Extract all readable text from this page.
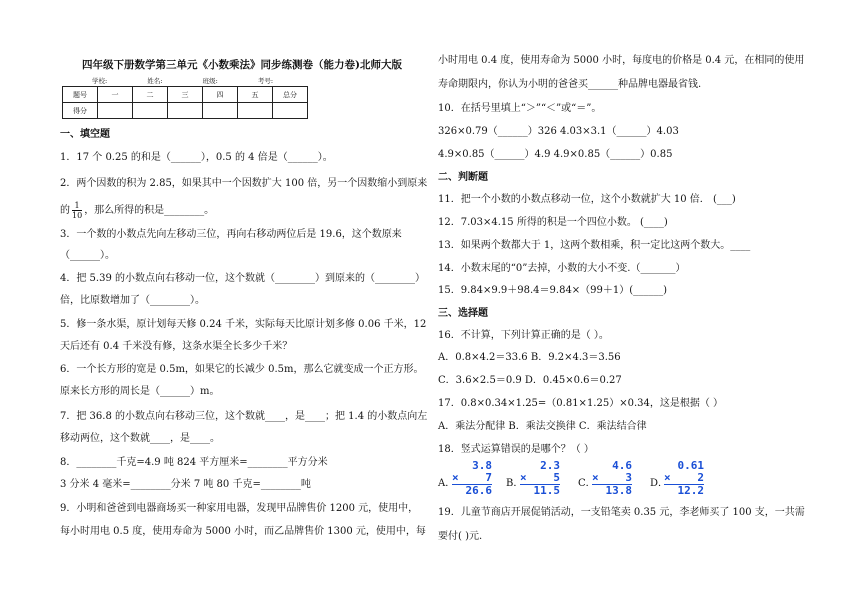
四年级下册数学第三单元《小数乘法》同步练测卷（能力卷)北师大版
一、填空题
1．17 个 0.25 的和是（______），0.5 的 4 倍是（______）。
2．两个因数的积为 2.85，如果其中一个因数扩大 100 倍，另一个因数缩小到原来
的 $\frac{1}{10}$ ，那么所得的积是________。
3．一个数的小数点先向左移动三位，再向右移动两位后是 19.6，这个数原来
（______）。
4．把 5.39 的小数点向右移动一位，这个数就（________）到原来的（________）
倍，比原数增加了（________）。
5．修一条水渠，原计划每天修 0.24 千米，实际每天比原计划多修 0.06 千米，12
天后还有 0.4 千米没有修，这条水渠全长多少千米？
6．一个长方形的宽是 0.5m，如果它的长减少 0.5m，那么它就变成一个正方形。
原来长方形的周长是（______）m。
7．把 36.8 的小数点向右移动三位，这个数就____，是____；把 1.4 的小数点向左
移动两位，这个数就____，是____。
8．________千克=4.9 吨 824 平方厘米=________平方分米
3 分米 4 毫米=________分米 7 吨 80 千克=________吨
9．小明和爸爸到电器商场买一种家用电器，发现甲品牌售价 1200 元，使用中，
每小时用电 0.5 度，使用寿命为 5000 小时，而乙品牌售价 1300 元，使用中，每
学校:	姓名:	班级:	考号:
题号	一	二	三	四	五	总分
得分						
小时用电 0.4 度，使用寿命为 5000 小时，每度电的价格是 0.4 元，在相同的使用
寿命期限内，你认为小明的爸爸买______种品牌电器最省钱.
10．在括号里填上“＞”“＜”或“＝”。
326×0.79（______）326 4.03×3.1（______）4.03
4.9×0.85（______）4.9 4.9×0.85（______）0.85
二、判断题
11．把一个小数的小数点移动一位，这个小数就扩大 10 倍． (___)
12．7.03×4.15 所得的积是一个四位小数。 (____)
13．如果两个数都大于 1，这两个数相乘，积一定比这两个数大。____
14．小数末尾的“0”去掉，小数的大小不变.（_______）
15．9.84×9.9＋98.4＝9.84×（99＋1）(______)
三、选择题
16．不计算，下列计算正确的是（ ）。
A．0.8×4.2＝33.6 B．9.2×4.3＝3.56
C．3.6×2.5＝0.9 D．0.45×0.6＝0.27
17．0.8×0.34×1.25=（0.81×1.25）×0.34，这是根据（ ）
A．乘法分配律 B．乘法交换律 C．乘法结合律
18．竖式运算错误的是哪个？（ ）
19．儿童节商店开展促销活动，一支铅笔卖 0.35 元，李老师买了 100 支，一共需
要付( )元.
A．
3.8
× 7
26.6
B．
2.3
× 5
11.5
C．
4.6
× 3
13.8
D．
0.61
× 2
12.2
